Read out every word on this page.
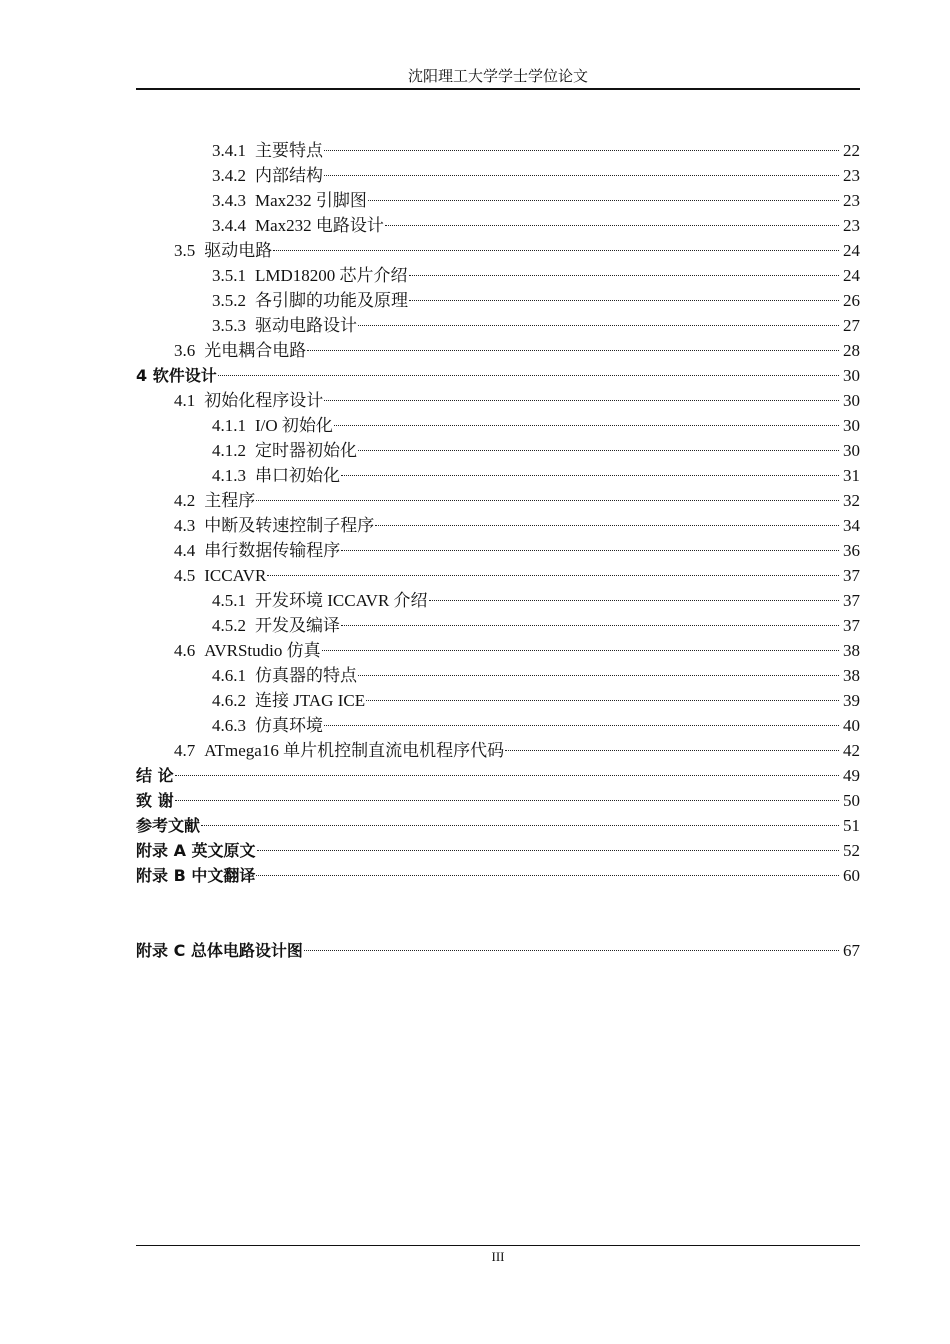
沈阳理工大学学士学位论文
3.4.1 主要特点	22
3.4.2 内部结构	23
3.4.3 Max232 引脚图	23
3.4.4 Max232 电路设计	23
3.5 驱动电路	24
3.5.1 LMD18200 芯片介绍	24
3.5.2 各引脚的功能及原理	26
3.5.3 驱动电路设计	27
3.6 光电耦合电路	28
4 软件设计	30
4.1 初始化程序设计	30
4.1.1 I/O 初始化	30
4.1.2 定时器初始化	30
4.1.3 串口初始化	31
4.2 主程序	32
4.3 中断及转速控制子程序	34
4.4 串行数据传输程序	36
4.5 ICCAVR	37
4.5.1 开发环境 ICCAVR 介绍	37
4.5.2 开发及编译	37
4.6 AVRStudio 仿真	38
4.6.1 仿真器的特点	38
4.6.2 连接 JTAG ICE	39
4.6.3 仿真环境	40
4.7 ATmega16 单片机控制直流电机程序代码	42
结 论	49
致 谢	50
参考文献	51
附录 A 英文原文	52
附录 B 中文翻译	60
附录 C 总体电路设计图	67
III
